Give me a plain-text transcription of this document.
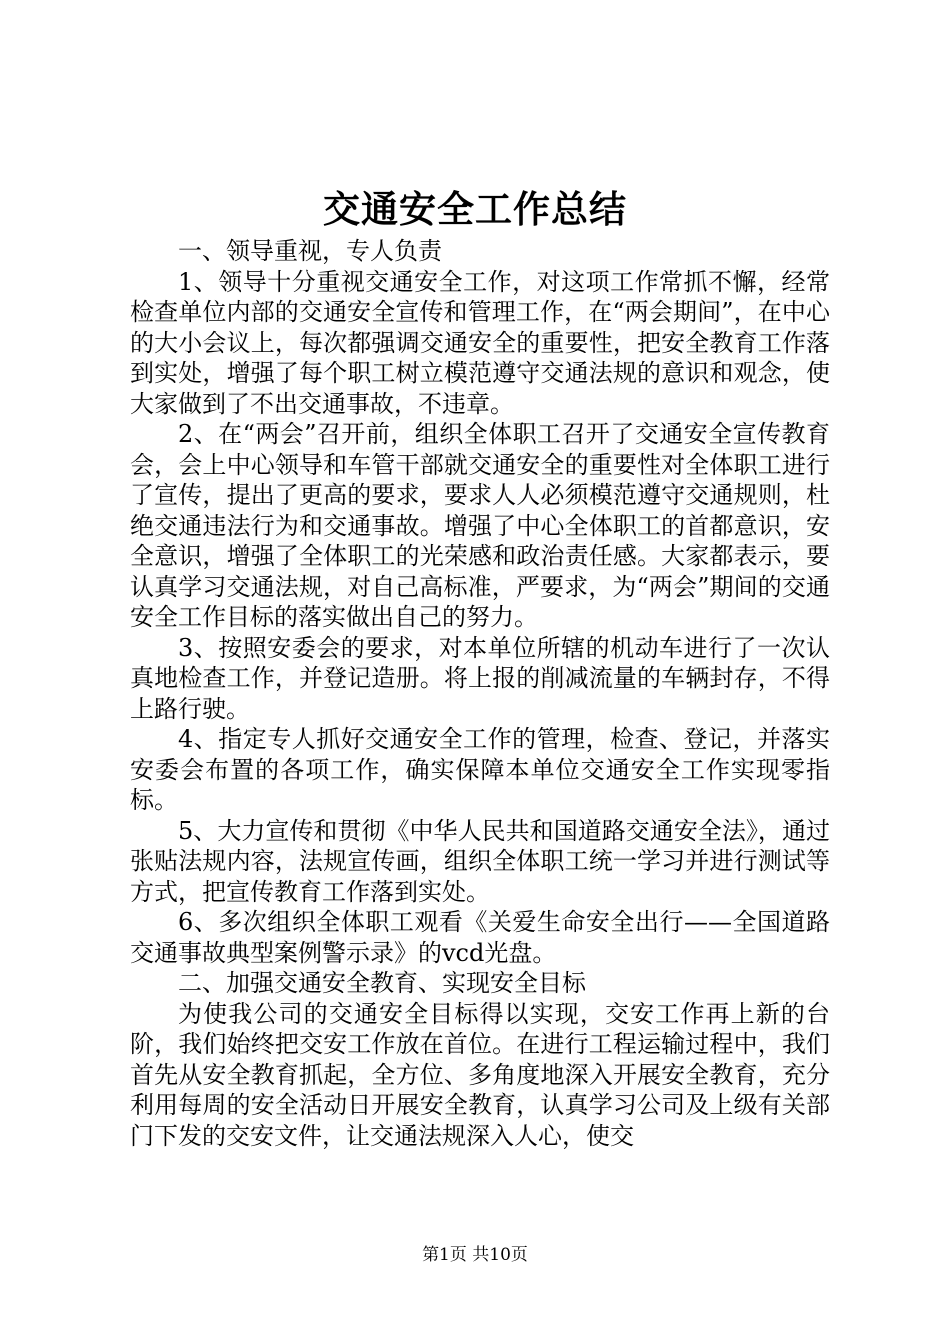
交通安全工作总结

一、领导重视，专人负责

1、领导十分重视交通安全工作，对这项工作常抓不懈，经常检查单位内部的交通安全宣传和管理工作，在“两会期间”，在中心的大小会议上，每次都强调交通安全的重要性，把安全教育工作落到实处，增强了每个职工树立模范遵守交通法规的意识和观念，使大家做到了不出交通事故，不违章。

2、在“两会”召开前，组织全体职工召开了交通安全宣传教育会，会上中心领导和车管干部就交通安全的重要性对全体职工进行了宣传，提出了更高的要求，要求人人必须模范遵守交通规则，杜绝交通违法行为和交通事故。增强了中心全体职工的首都意识，安全意识，增强了全体职工的光荣感和政治责任感。大家都表示，要认真学习交通法规，对自己高标准，严要求，为“两会”期间的交通安全工作目标的落实做出自己的努力。

3、按照安委会的要求，对本单位所辖的机动车进行了一次认真地检查工作，并登记造册。将上报的削减流量的车辆封存，不得上路行驶。

4、指定专人抓好交通安全工作的管理，检查、登记，并落实安委会布置的各项工作，确实保障本单位交通安全工作实现零指标。

5、大力宣传和贯彻《中华人民共和国道路交通安全法》，通过张贴法规内容，法规宣传画，组织全体职工统一学习并进行测试等方式，把宣传教育工作落到实处。

6、多次组织全体职工观看《关爱生命安全出行——全国道路交通事故典型案例警示录》的vcd光盘。

二、加强交通安全教育、实现安全目标

为使我公司的交通安全目标得以实现，交安工作再上新的台阶，我们始终把交安工作放在首位。在进行工程运输过程中，我们首先从安全教育抓起，全方位、多角度地深入开展安全教育，充分利用每周的安全活动日开展安全教育，认真学习公司及上级有关部门下发的交安文件，让交通法规深入人心，使交

第1页 共10页
